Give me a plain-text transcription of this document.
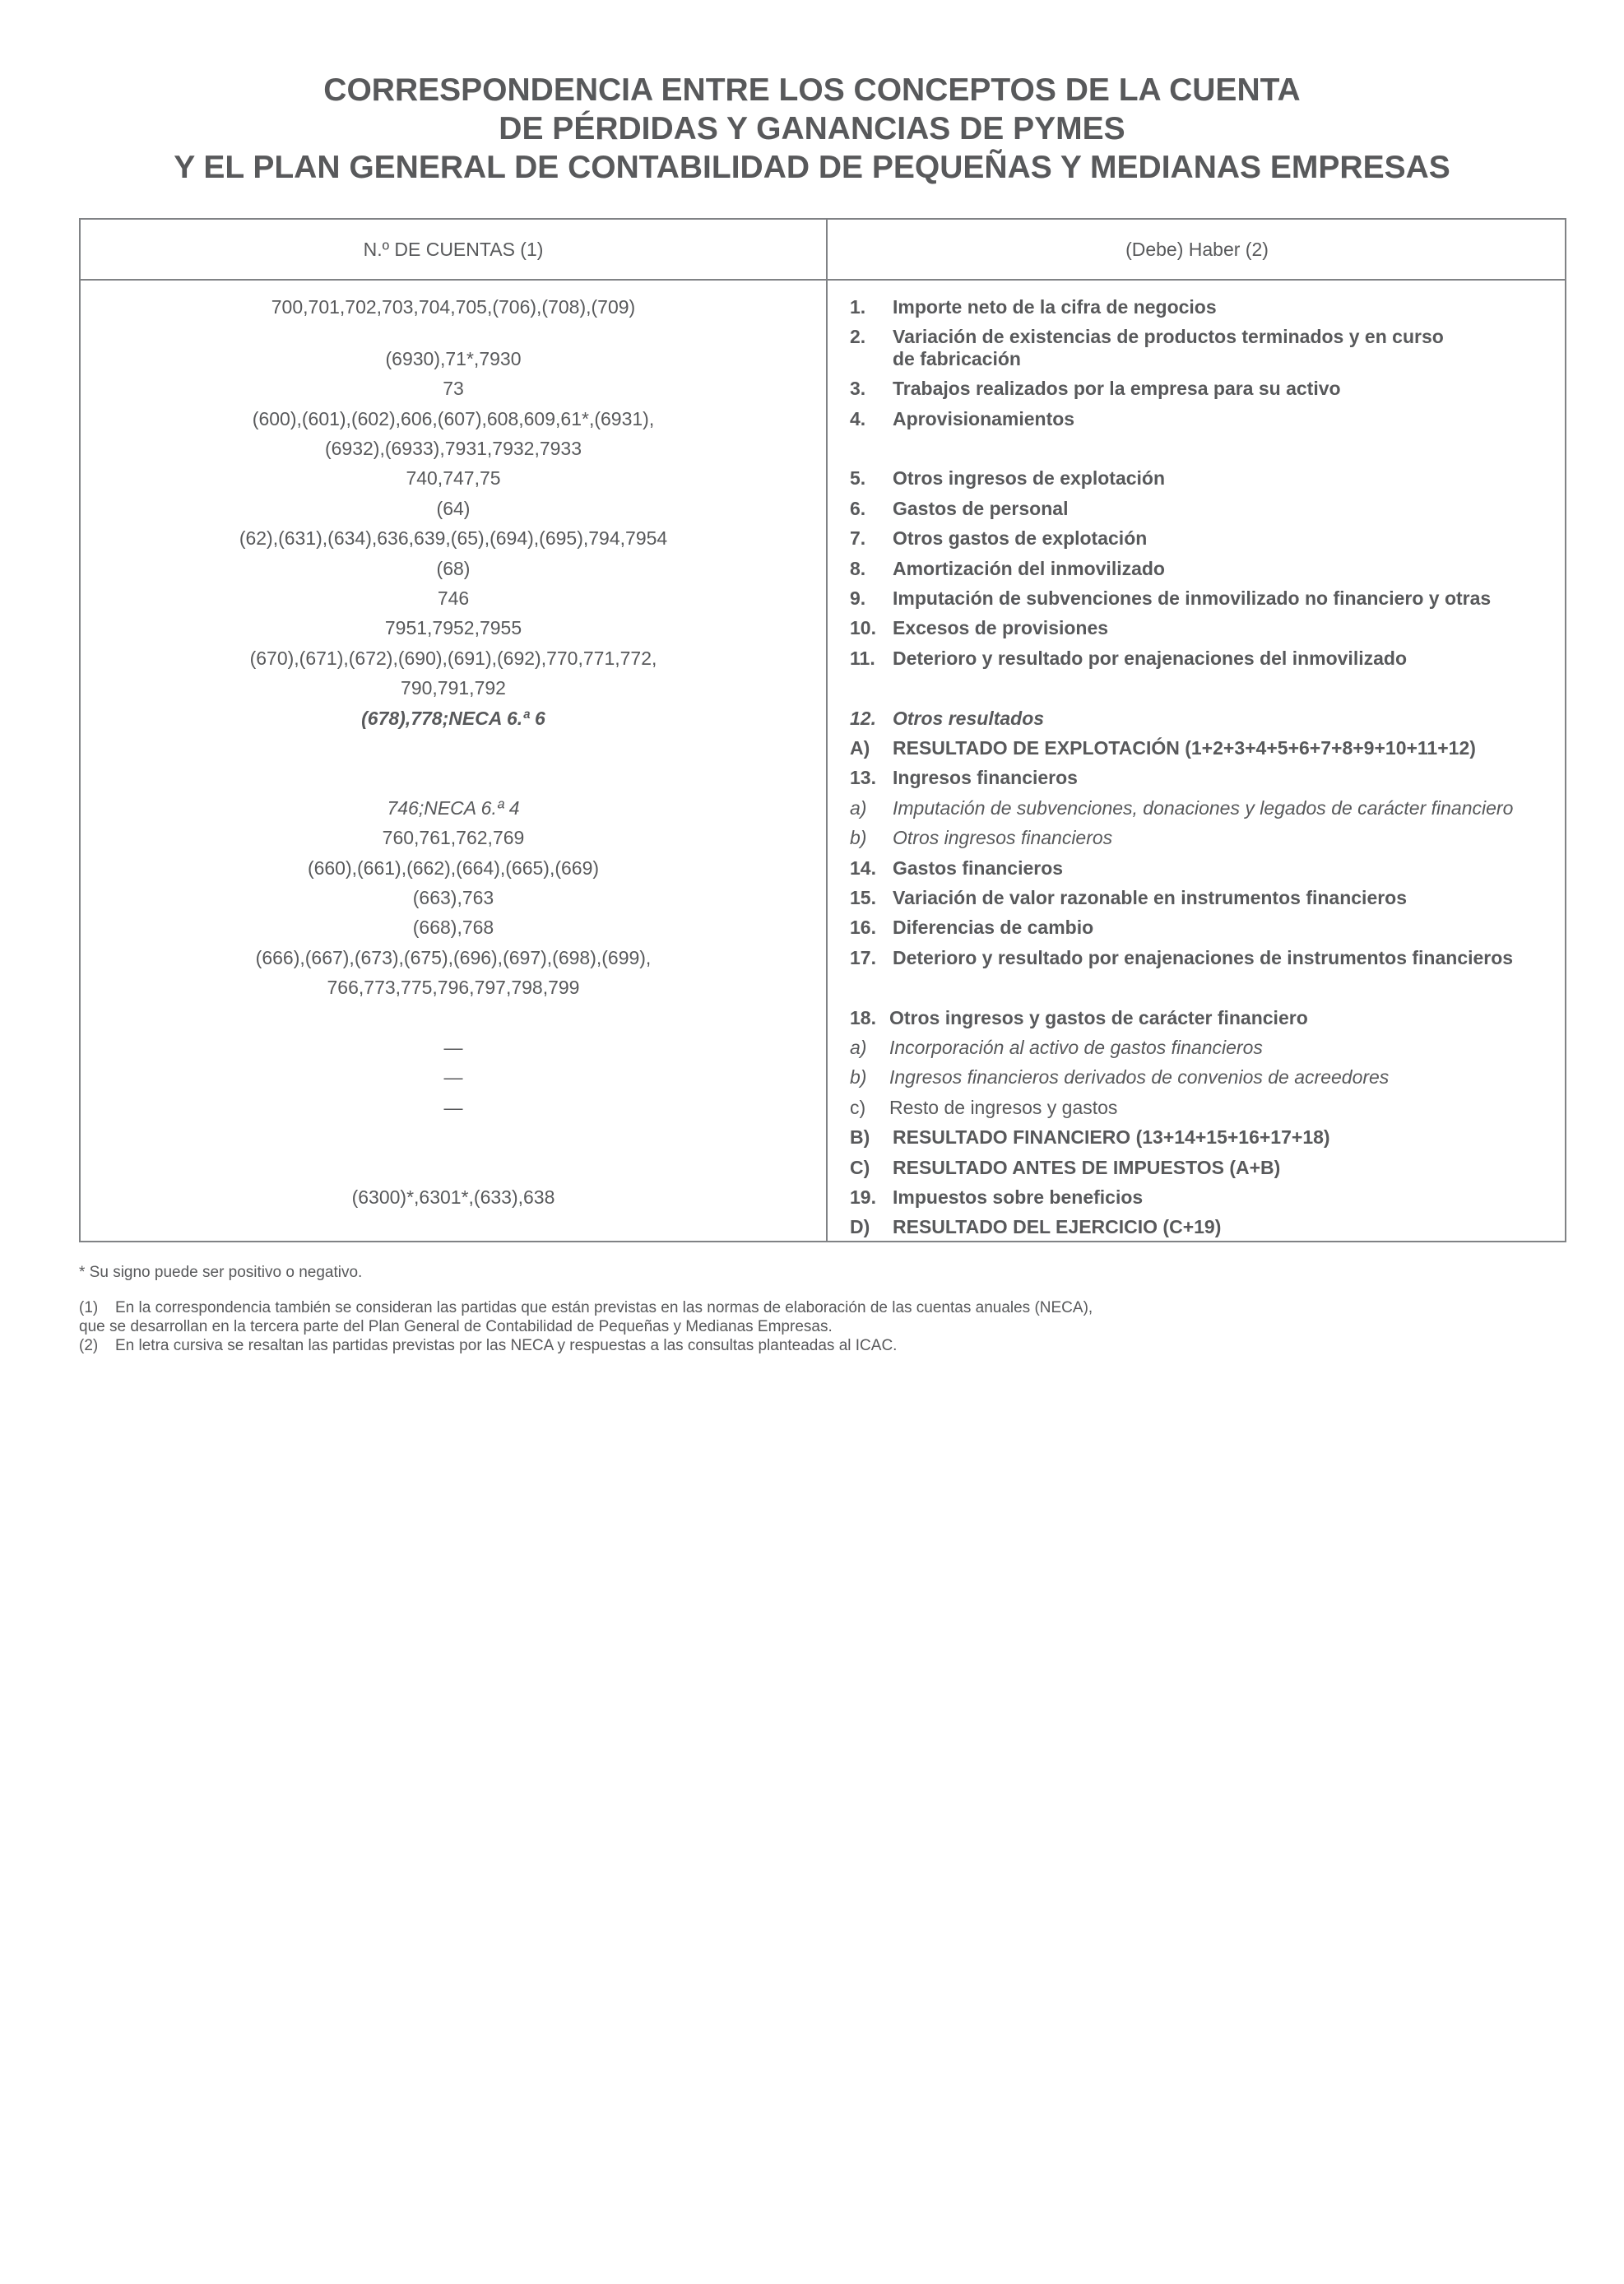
CORRESPONDENCIA ENTRE LOS CONCEPTOS DE LA CUENTA
DE PÉRDIDAS Y GANANCIAS DE PYMES
Y EL PLAN GENERAL DE CONTABILIDAD DE PEQUEÑAS Y MEDIANAS EMPRESAS
N.º DE CUENTAS (1)	(Debe) Haber (2)
700,701,702,703,704,705,(706),(708),(709)
(6930),71*,7930
73
(600),(601),(602),606,(607),608,609,61*,(6931),
(6932),(6933),7931,7932,7933
740,747,75
(64)
(62),(631),(634),636,639,(65),(694),(695),794,7954
(68)
746
7951,7952,7955
(670),(671),(672),(690),(691),(692),770,771,772,
790,791,792
(678),778;NECA 6.ª 6
746;NECA 6.ª 4
760,761,762,769
(660),(661),(662),(664),(665),(669)
(663),763
(668),768
(666),(667),(673),(675),(696),(697),(698),(699),
766,773,775,796,797,798,799
—
—
—
(6300)*,6301*,(633),638
1. Importe neto de la cifra de negocios
2. Variación de existencias de productos terminados y en curso
de fabricación
3. Trabajos realizados por la empresa para su activo
4. Aprovisionamientos
5. Otros ingresos de explotación
6. Gastos de personal
7. Otros gastos de explotación
8. Amortización del inmovilizado
9. Imputación de subvenciones de inmovilizado no financiero y otras
10. Excesos de provisiones
11. Deterioro y resultado por enajenaciones del inmovilizado
12. Otros resultados
A) RESULTADO DE EXPLOTACIÓN (1+2+3+4+5+6+7+8+9+10+11+12)
13. Ingresos financieros
a) Imputación de subvenciones, donaciones y legados de carácter financiero
b) Otros ingresos financieros
14. Gastos financieros
15. Variación de valor razonable en instrumentos financieros
16. Diferencias de cambio
17. Deterioro y resultado por enajenaciones de instrumentos financieros
18. Otros ingresos y gastos de carácter financiero
a) Incorporación al activo de gastos financieros
b) Ingresos financieros derivados de convenios de acreedores
c) Resto de ingresos y gastos
B) RESULTADO FINANCIERO (13+14+15+16+17+18)
C) RESULTADO ANTES DE IMPUESTOS (A+B)
19. Impuestos sobre beneficios
D) RESULTADO DEL EJERCICIO (C+19)
* Su signo puede ser positivo o negativo.
(1) En la correspondencia también se consideran las partidas que están previstas en las normas de elaboración de las cuentas anuales (NECA),
que se desarrollan en la tercera parte del Plan General de Contabilidad de Pequeñas y Medianas Empresas.
(2) En letra cursiva se resaltan las partidas previstas por las NECA y respuestas a las consultas planteadas al ICAC.
